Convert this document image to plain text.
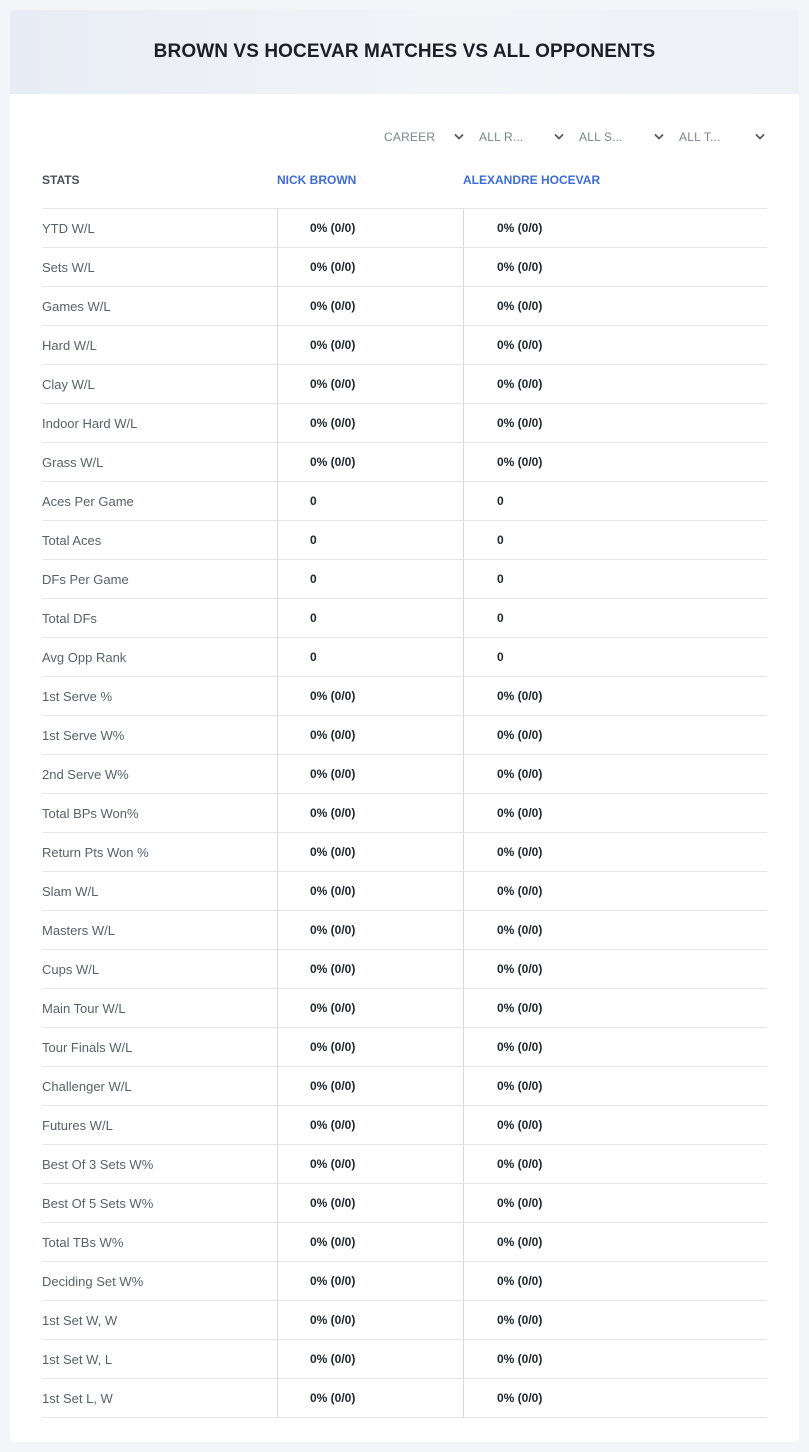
BROWN VS HOCEVAR MATCHES VS ALL OPPONENTS
CAREER	ALL R...	ALL S...	ALL T...
STATS	NICK BROWN	ALEXANDRE HOCEVAR
YTD W/L	0% (0/0)	0% (0/0)
Sets W/L	0% (0/0)	0% (0/0)
Games W/L	0% (0/0)	0% (0/0)
Hard W/L	0% (0/0)	0% (0/0)
Clay W/L	0% (0/0)	0% (0/0)
Indoor Hard W/L	0% (0/0)	0% (0/0)
Grass W/L	0% (0/0)	0% (0/0)
Aces Per Game	0	0
Total Aces	0	0
DFs Per Game	0	0
Total DFs	0	0
Avg Opp Rank	0	0
1st Serve %	0% (0/0)	0% (0/0)
1st Serve W%	0% (0/0)	0% (0/0)
2nd Serve W%	0% (0/0)	0% (0/0)
Total BPs Won%	0% (0/0)	0% (0/0)
Return Pts Won %	0% (0/0)	0% (0/0)
Slam W/L	0% (0/0)	0% (0/0)
Masters W/L	0% (0/0)	0% (0/0)
Cups W/L	0% (0/0)	0% (0/0)
Main Tour W/L	0% (0/0)	0% (0/0)
Tour Finals W/L	0% (0/0)	0% (0/0)
Challenger W/L	0% (0/0)	0% (0/0)
Futures W/L	0% (0/0)	0% (0/0)
Best Of 3 Sets W%	0% (0/0)	0% (0/0)
Best Of 5 Sets W%	0% (0/0)	0% (0/0)
Total TBs W%	0% (0/0)	0% (0/0)
Deciding Set W%	0% (0/0)	0% (0/0)
1st Set W, W	0% (0/0)	0% (0/0)
1st Set W, L	0% (0/0)	0% (0/0)
1st Set L, W	0% (0/0)	0% (0/0)
